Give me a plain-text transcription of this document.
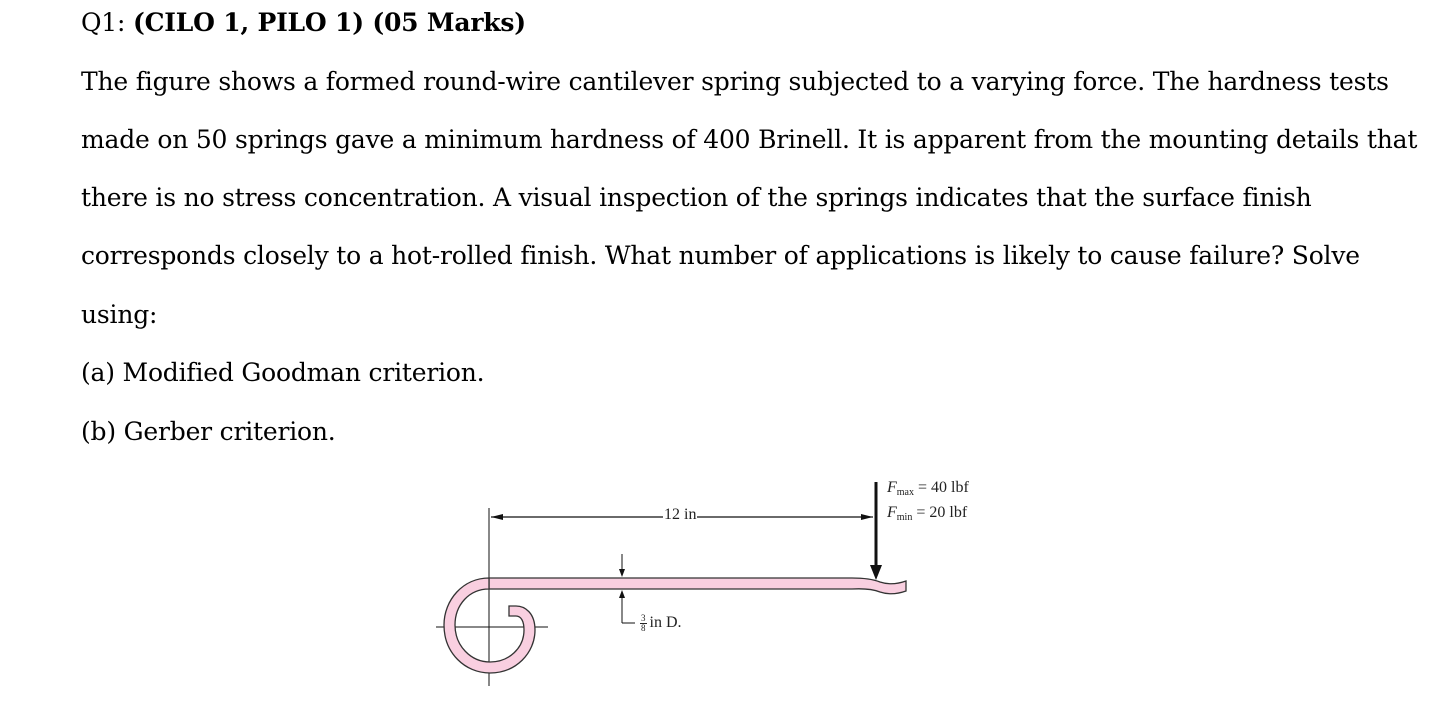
Q1: (CILO 1, PILO 1) (05 Marks)
The figure shows a formed round-wire cantilever spring subjected to a varying force. The hardness tests
made on 50 springs gave a minimum hardness of 400 Brinell. It is apparent from the mounting details that
there is no stress concentration. A visual inspection of the springs indicates that the surface finish
corresponds closely to a hot-rolled finish. What number of applications is likely to cause failure? Solve
using:
(a) Modified Goodman criterion.
(b) Gerber criterion.
12 in
$F_{max} = 40$ lbf
$F_{min} = 20$ lbf
$\frac{3}{8}$ in D.
